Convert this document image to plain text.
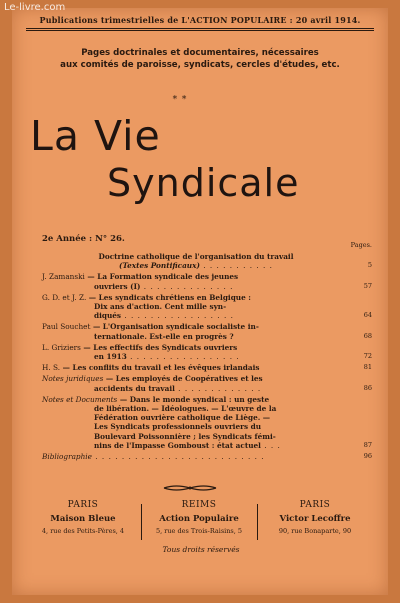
Le-livre.com
Publications trimestrielles de L'ACTION POPULAIRE : 20 avril 1914.
Pages doctrinales et documentaires, nécessaires
aux comités de paroisse, syndicats, cercles d'études, etc.
* *
La Vie
Syndicale
2e Année : N° 26.
Pages.
Doctrine catholique de l'organisation du travail
(Textes Pontificaux) . . . . . . . . . . .	5
J. Zamanski — La Formation syndicale des jeunes
ouvriers (I) . . . . . . . . . . . . . .	57
G. D. et J. Z. — Les syndicats chrétiens en Belgique :
Dix ans d'action. Cent mille syn-
diqués . . . . . . . . . . . . . . . . .	64
Paul Souchet — L'Organisation syndicale socialiste in-
ternationale. Est-elle en progrès ?	68
L. Griziers — Les effectifs des Syndicats ouvriers
en 1913 . . . . . . . . . . . . . . . . .	72
H. S. — Les conflits du travail et les évêques irlandais	81
Notes juridiques — Les employés de Coopératives et les
accidents du travail . . . . . . . . . . . . .	86
Notes et Documents — Dans le monde syndical : un geste
de libération. — Idéologues. — L'œuvre de la
Fédération ouvrière catholique de Liège. —
Les Syndicats professionnels ouvriers du
Boulevard Poissonnière ; les Syndicats fémi-
nins de l'Impasse Gomboust : état actuel . . .	87
Bibliographie . . . . . . . . . . . . . . . . . . . . . . . . . .	96
PARIS
Maison Bleue
4, rue des Petits-Pères, 4
REIMS
Action Populaire
5, rue des Trois-Raisins, 5
PARIS
Victor Lecoffre
90, rue Bonaparte, 90
Tous droits réservés
